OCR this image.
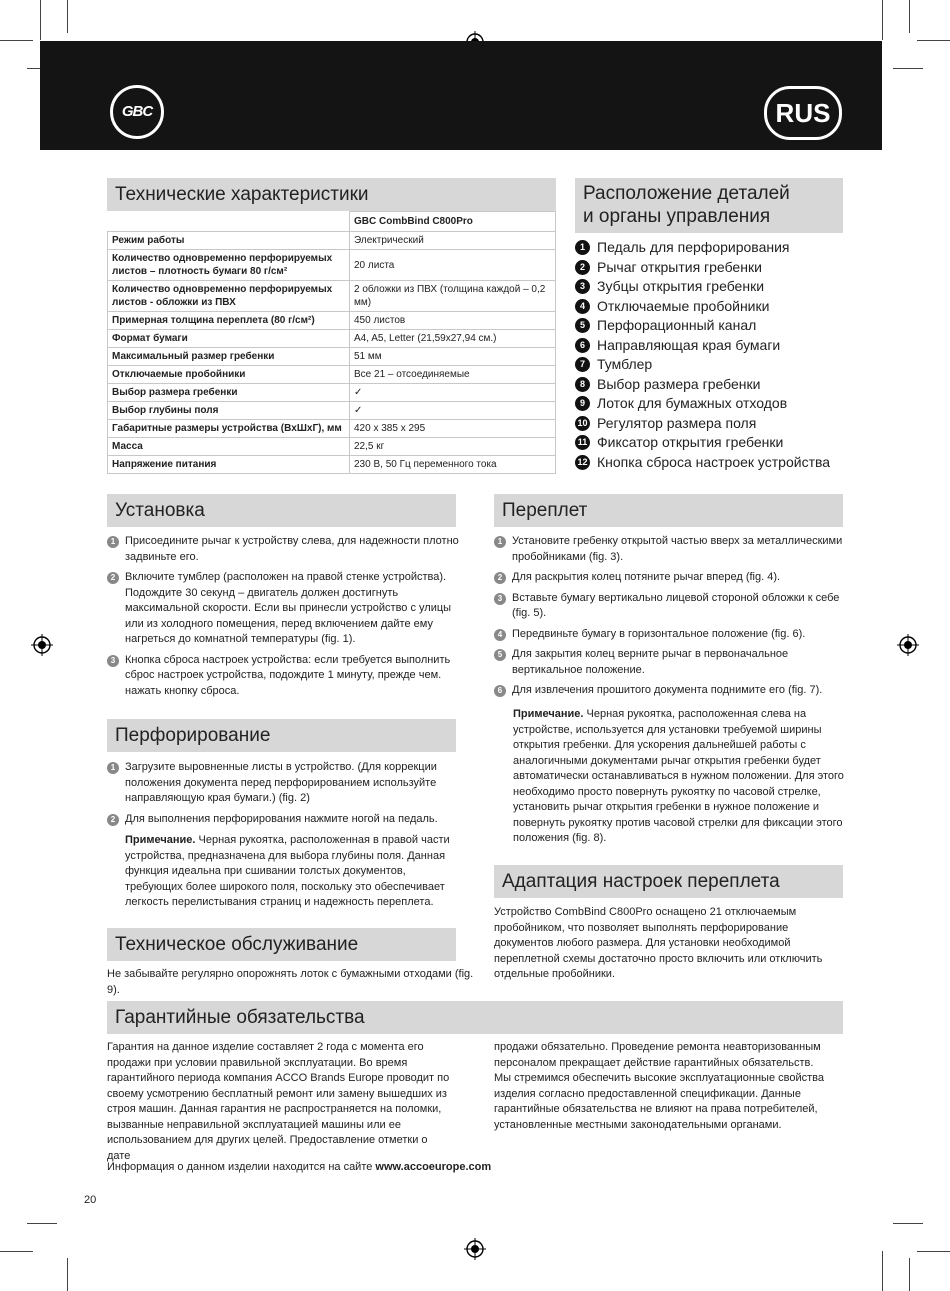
GBC	RUS
Технические характеристики
	GBC CombBind C800Pro
Режим работы	Электрический
Количество одновременно перфорируемых листов – плотность бумаги 80 г/см²	20 листа
Количество одновременно перфорируемых листов - обложки из ПВХ	2 обложки из ПВХ (толщина каждой – 0,2 мм)
Примерная толщина переплета (80 г/см²)	450 листов
Формат бумаги	A4, A5, Letter (21,59x27,94 см.)
Максимальный размер гребенки	51 мм
Отключаемые пробойники	Все 21 – отсоединяемые
Выбор размера гребенки	✓
Выбор глубины поля	✓
Габаритные размеры устройства (ВxШxГ), мм	420 x 385 x 295
Масса	22,5 кг
Напряжение питания	230 В, 50 Гц переменного тока
Расположение деталей
и органы управления
1 Педаль для перфорирования
2 Рычаг открытия гребенки
3 Зубцы открытия гребенки
4 Отключаемые пробойники
5 Перфорационный канал
6 Направляющая края бумаги
7 Тумблер
8 Выбор размера гребенки
9 Лоток для бумажных отходов
10 Регулятор размера поля
11 Фиксатор открытия гребенки
12 Кнопка сброса настроек устройства
Установка
1 Присоедините рычаг к устройству слева, для надежности плотно задвиньте его.
2 Включите тумблер (расположен на правой стенке устройства). Подождите 30 секунд – двигатель должен достигнуть максимальной скорости. Если вы принесли устройство с улицы или из холодного помещения, перед включением дайте ему нагреться до комнатной температуры (fig. 1).
3 Кнопка сброса настроек устройства: если требуется выполнить сброс настроек устройства, подождите 1 минуту, прежде чем. нажать кнопку сброса.
Перфорирование
1 Загрузите выровненные листы в устройство. (Для коррекции положения документа перед перфорированием используйте направляющую края бумаги.) (fig. 2)
2 Для выполнения перфорирования нажмите ногой на педаль.
Примечание. Черная рукоятка, расположенная в правой части устройства, предназначена для выбора глубины поля. Данная функция идеальна при сшивании толстых документов, требующих более широкого поля, поскольку это обеспечивает легкость перелистывания страниц и надежность переплета.
Техническое обслуживание
Не забывайте регулярно опорожнять лоток с бумажными отходами (fig. 9).
Переплет
1 Установите гребенку открытой частью вверх за металлическими пробойниками (fig. 3).
2 Для раскрытия колец потяните рычаг вперед (fig. 4).
3 Вставьте бумагу вертикально лицевой стороной обложки к себе (fig. 5).
4 Передвиньте бумагу в горизонтальное положение (fig. 6).
5 Для закрытия колец верните рычаг в первоначальное вертикальное положение.
6 Для извлечения прошитого документа поднимите его (fig. 7).
Примечание. Черная рукоятка, расположенная слева на устройстве, используется для установки требуемой ширины открытия гребенки. Для ускорения дальнейшей работы с аналогичными документами рычаг открытия гребенки будет автоматически останавливаться в нужном положении. Для этого необходимо просто повернуть рукоятку по часовой стрелке, установить рычаг открытия гребенки в нужное положение и повернуть рукоятку против часовой стрелки для фиксации этого положения (fig. 8).
Адаптация настроек переплета
Устройство CombBind C800Pro оснащено 21 отключаемым пробойником, что позволяет выполнять перфорирование документов любого размера. Для установки необходимой переплетной схемы достаточно просто включить или отключить отдельные пробойники.
Гарантийные обязательства
Гарантия на данное изделие составляет 2 года с момента его продажи при условии правильной эксплуатации. Во время гарантийного периода компания ACCO Brands Europe проводит по своему усмотрению бесплатный ремонт или замену вышедших из строя машин. Данная гарантия не распространяется на поломки, вызванные неправильной эксплуатацией машины или ее использованием для других целей. Предоставление отметки о дате
продажи обязательно. Проведение ремонта неавторизованным персоналом прекращает действие гарантийных обязательств. Мы стремимся обеспечить высокие эксплуатационные свойства изделия согласно предоставленной спецификации. Данные гарантийные обязательства не влияют на права потребителей, установленные местными законодательными органами.
Информация о данном изделии находится на сайте www.accoeurope.com
20
